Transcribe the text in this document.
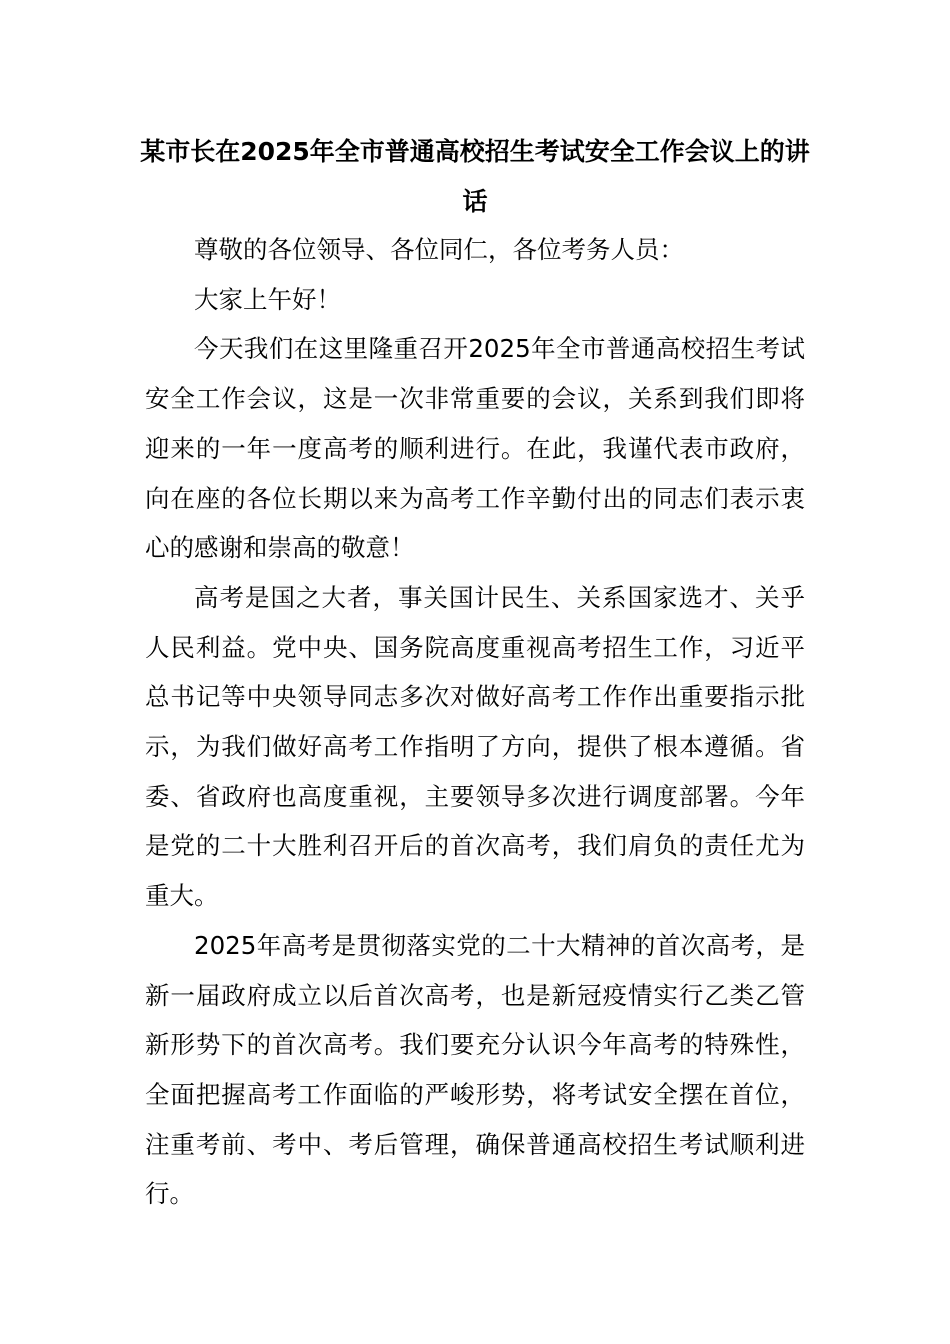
某市长在2025年全市普通高校招生考试安全工作会议上的讲话

尊敬的各位领导、各位同仁，各位考务人员：

大家上午好！

今天我们在这里隆重召开2025年全市普通高校招生考试安全工作会议，这是一次非常重要的会议，关系到我们即将迎来的一年一度高考的顺利进行。在此，我谨代表市政府，向在座的各位长期以来为高考工作辛勤付出的同志们表示衷心的感谢和崇高的敬意！

高考是国之大者，事关国计民生、关系国家选才、关乎人民利益。党中央、国务院高度重视高考招生工作，习近平总书记等中央领导同志多次对做好高考工作作出重要指示批示，为我们做好高考工作指明了方向，提供了根本遵循。省委、省政府也高度重视，主要领导多次进行调度部署。今年是党的二十大胜利召开后的首次高考，我们肩负的责任尤为重大。

2025年高考是贯彻落实党的二十大精神的首次高考，是新一届政府成立以后首次高考，也是新冠疫情实行乙类乙管新形势下的首次高考。我们要充分认识今年高考的特殊性，全面把握高考工作面临的严峻形势，将考试安全摆在首位，注重考前、考中、考后管理，确保普通高校招生考试顺利进行。
